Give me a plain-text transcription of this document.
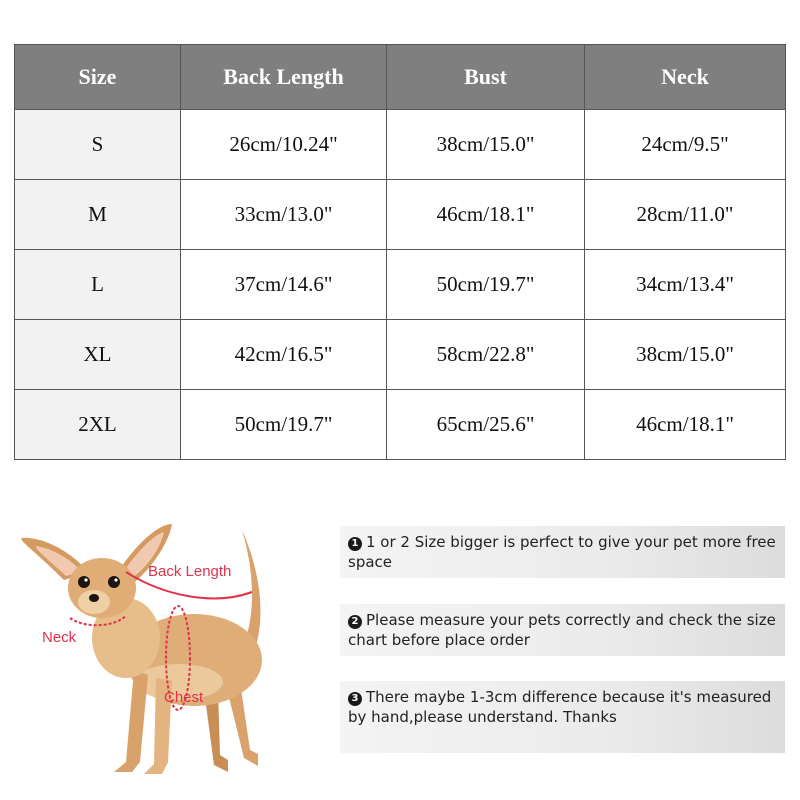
Size	Back Length	Bust	Neck
S	26cm/10.24"	38cm/15.0"	24cm/9.5"
M	33cm/13.0"	46cm/18.1"	28cm/11.0"
L	37cm/14.6"	50cm/19.7"	34cm/13.4"
XL	42cm/16.5"	58cm/22.8"	38cm/15.0"
2XL	50cm/19.7"	65cm/25.6"	46cm/18.1"
Back Length
Neck
Chest
1 1 or 2 Size bigger is perfect to give your pet more free space
2 Please measure your pets correctly and check the size chart before place order
3 There maybe 1-3cm difference because it's measured by hand,please understand. Thanks
